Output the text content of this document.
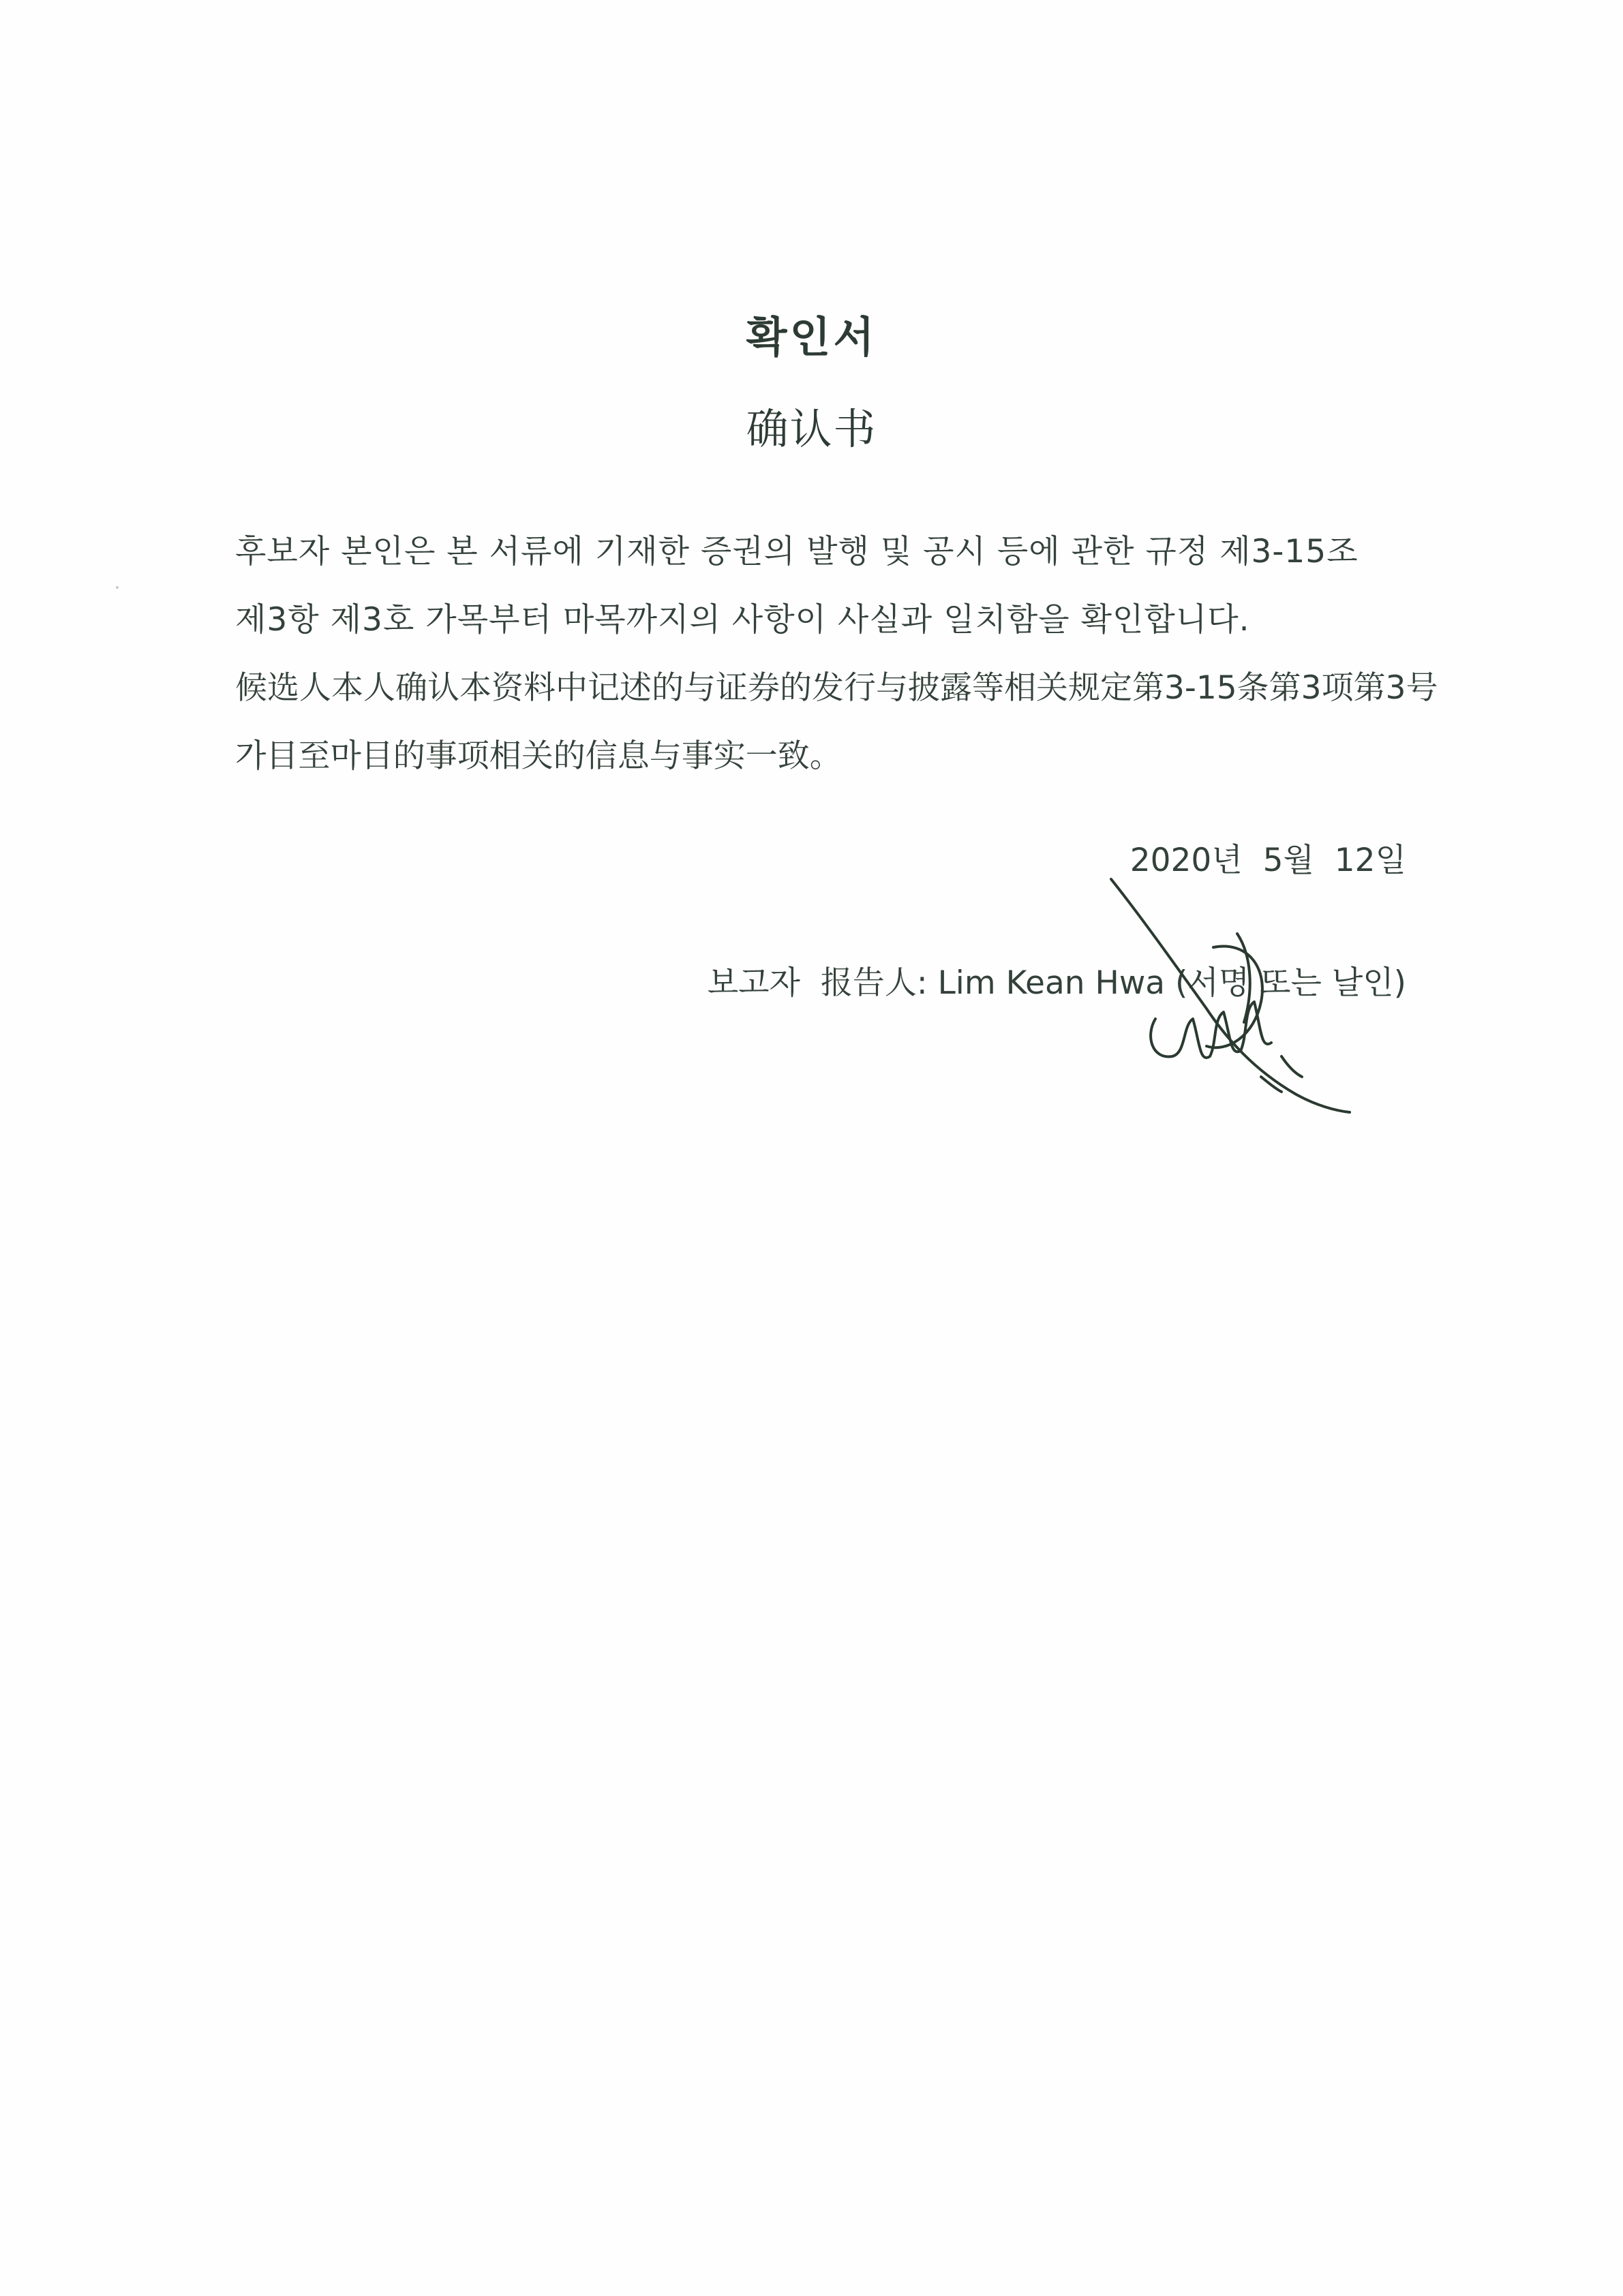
확인서
确认书
후보자 본인은 본 서류에 기재한 증권의 발행 및 공시 등에 관한 규정 제3-15조
제3항 제3호 가목부터 마목까지의 사항이 사실과 일치함을 확인합니다.
候选人本人确认本资料中记述的与证券的发行与披露等相关规定第3-15条第3项第3号
가目至마目的事项相关的信息与事实一致。
2020년  5월  12일
보고자  报告人: Lim Kean Hwa (서명 또는 날인)
